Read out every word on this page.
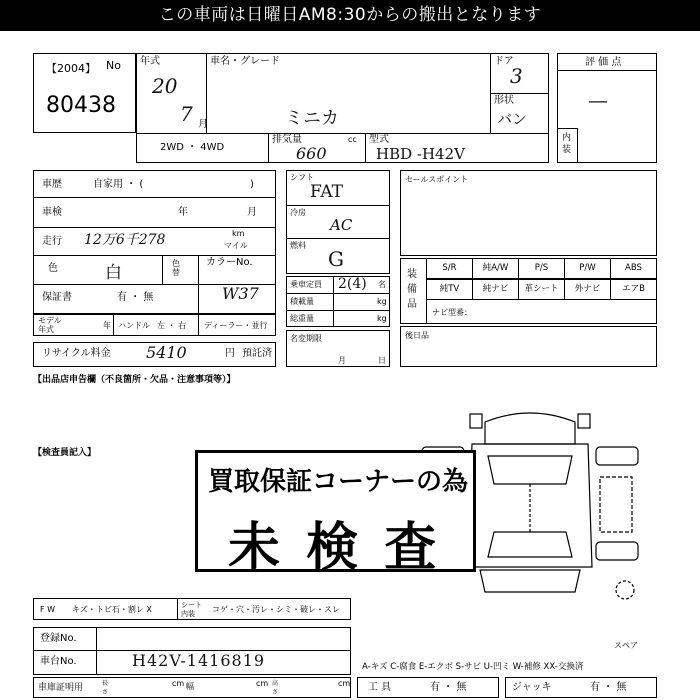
この車両は日曜日AM8:30からの搬出となります
【2004】 No
80438
年式
20
7 月
車名・グレード
ミニカ
ドア
3
形状
バン
2WD ・ 4WD
排気量	cc
660
型式
HBD -H42V
評 価 点
—
内装
車歴	自家用 ・ (	)
車検	年	月
走行 12万6千278	km
マイル
色	白	色替
カラーNo.
W37
保証書	有 ・ 無
モデル年式	年 ハンドル 左 ・ 右 ディーラー・並行
リサイクル料金 5410	円 預託済
シフト
FAT
冷房
AC
燃料
G
乗車定員 2(4) 名
積載量	kg
総重量	kg
名変期限
月	日
セールスポイント
装備品
S/R	純A/W	P/S	P/W	ABS
純TV	純ナビ	革シート	外ナビ	エアB
ナビ型番：
後日品
【出品店申告欄（不良箇所・欠品・注意事項等）】
【検査員記入】
スペア
買取保証コーナーの為
未 検 査
F W キズ・トビ石・割レ X	シート内装	コゲ・穴・汚レ・シミ・破レ・スレ
登録No.
車台No.	H42V-1416819
車庫証明用	長さ
cm 幅	cm 高さ
cm
A-キズ C-腐食 E-エクボ S-サビ U-凹ミ W-補修 XX-交換済
工 具	有 ・ 無	ジャッキ	有 ・ 無
